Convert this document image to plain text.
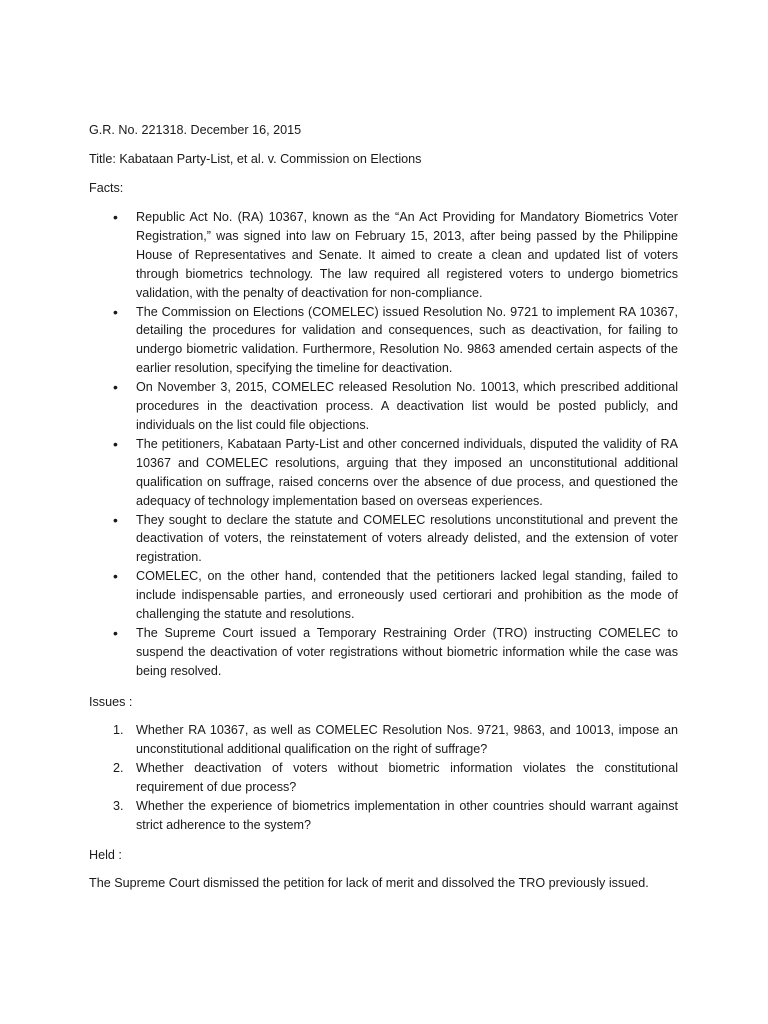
G.R. No. 221318. December 16, 2015

Title: Kabataan Party-List, et al. v. Commission on Elections

Facts:

• Republic Act No. (RA) 10367, known as the “An Act Providing for Mandatory Biometrics Voter Registration,” was signed into law on February 15, 2013, after being passed by the Philippine House of Representatives and Senate. It aimed to create a clean and updated list of voters through biometrics technology. The law required all registered voters to undergo biometrics validation, with the penalty of deactivation for non-compliance.
• The Commission on Elections (COMELEC) issued Resolution No. 9721 to implement RA 10367, detailing the procedures for validation and consequences, such as deactivation, for failing to undergo biometric validation. Furthermore, Resolution No. 9863 amended certain aspects of the earlier resolution, specifying the timeline for deactivation.
• On November 3, 2015, COMELEC released Resolution No. 10013, which prescribed additional procedures in the deactivation process. A deactivation list would be posted publicly, and individuals on the list could file objections.
• The petitioners, Kabataan Party-List and other concerned individuals, disputed the validity of RA 10367 and COMELEC resolutions, arguing that they imposed an unconstitutional additional qualification on suffrage, raised concerns over the absence of due process, and questioned the adequacy of technology implementation based on overseas experiences.
• They sought to declare the statute and COMELEC resolutions unconstitutional and prevent the deactivation of voters, the reinstatement of voters already delisted, and the extension of voter registration.
• COMELEC, on the other hand, contended that the petitioners lacked legal standing, failed to include indispensable parties, and erroneously used certiorari and prohibition as the mode of challenging the statute and resolutions.
• The Supreme Court issued a Temporary Restraining Order (TRO) instructing COMELEC to suspend the deactivation of voter registrations without biometric information while the case was being resolved.

Issues :

1. Whether RA 10367, as well as COMELEC Resolution Nos. 9721, 9863, and 10013, impose an unconstitutional additional qualification on the right of suffrage?
2. Whether deactivation of voters without biometric information violates the constitutional requirement of due process?
3. Whether the experience of biometrics implementation in other countries should warrant against strict adherence to the system?

Held :

The Supreme Court dismissed the petition for lack of merit and dissolved the TRO previously issued.
